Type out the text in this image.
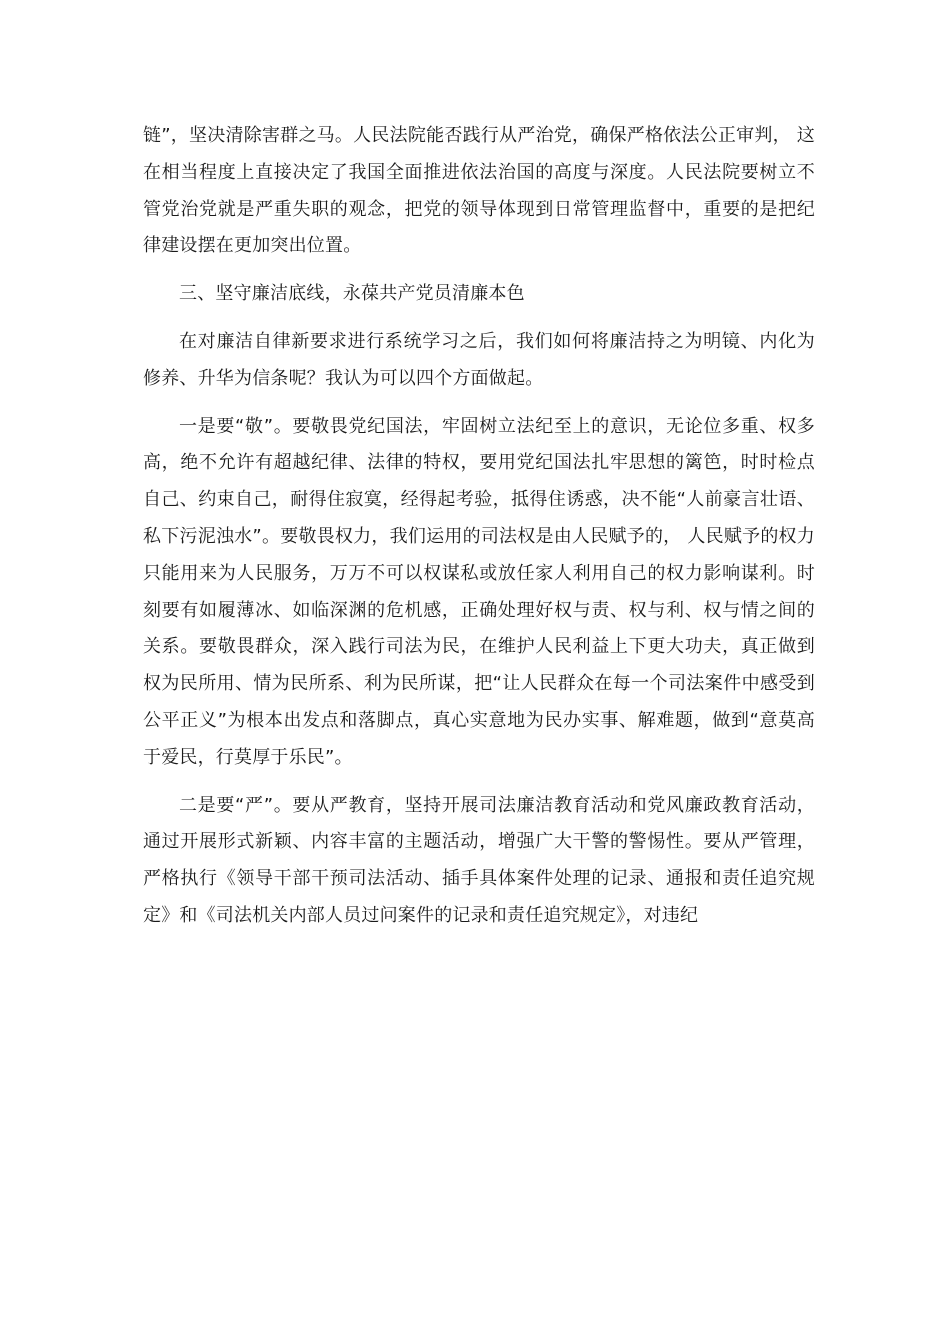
链”，坚决清除害群之马。人民法院能否践行从严治党，确保严格依法公正审判， 这在相当程度上直接决定了我国全面推进依法治国的高度与深度。人民法院要树立不管党治党就是严重失职的观念，把党的领导体现到日常管理监督中，重要的是把纪律建设摆在更加突出位置。

三、坚守廉洁底线，永葆共产党员清廉本色

在对廉洁自律新要求进行系统学习之后，我们如何将廉洁持之为明镜、内化为修养、升华为信条呢？我认为可以四个方面做起。

一是要“敬”。要敬畏党纪国法，牢固树立法纪至上的意识，无论位多重、权多高，绝不允许有超越纪律、法律的特权，要用党纪国法扎牢思想的篱笆，时时检点自己、约束自己，耐得住寂寞，经得起考验，抵得住诱惑，决不能“人前豪言壮语、私下污泥浊水”。要敬畏权力，我们运用的司法权是由人民赋予的， 人民赋予的权力只能用来为人民服务，万万不可以权谋私或放任家人利用自己的权力影响谋利。时刻要有如履薄冰、如临深渊的危机感，正确处理好权与责、权与利、权与情之间的关系。要敬畏群众，深入践行司法为民，在维护人民利益上下更大功夫，真正做到权为民所用、情为民所系、利为民所谋，把“让人民群众在每一个司法案件中感受到公平正义”为根本出发点和落脚点，真心实意地为民办实事、解难题，做到“意莫高于爱民，行莫厚于乐民”。

二是要“严”。要从严教育，坚持开展司法廉洁教育活动和党风廉政教育活动，通过开展形式新颖、内容丰富的主题活动，增强广大干警的警惕性。要从严管理，严格执行《领导干部干预司法活动、插手具体案件处理的记录、通报和责任追究规定》和《司法机关内部人员过问案件的记录和责任追究规定》，对违纪
